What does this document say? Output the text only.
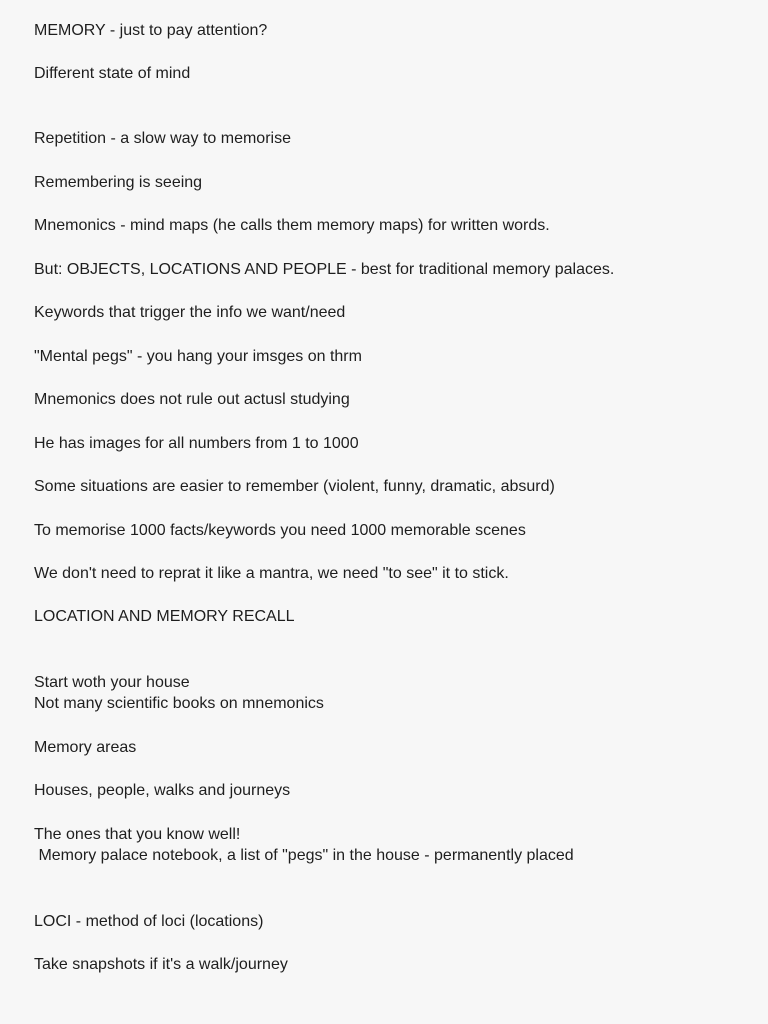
MEMORY - just to pay attention?
Different state of mind
Repetition - a slow way to memorise
Remembering is seeing
Mnemonics - mind maps (he calls them memory maps) for written words.
But: OBJECTS, LOCATIONS AND PEOPLE - best for traditional memory palaces.
Keywords that trigger the info we want/need
"Mental pegs" - you hang your imsges on thrm
Mnemonics does not rule out actusl studying
He has images for all numbers from 1 to 1000
Some situations are easier to remember (violent, funny, dramatic, absurd)
To memorise 1000 facts/keywords you need 1000 memorable scenes
We don't need to reprat it like a mantra, we need "to see" it to stick.
LOCATION AND MEMORY RECALL
Start woth your house
Not many scientific books on mnemonics
Memory areas
Houses, people, walks and journeys
The ones that you know well!
Memory palace notebook, a list of "pegs" in the house - permanently placed
LOCI - method of loci (locations)
Take snapshots if it's a walk/journey
